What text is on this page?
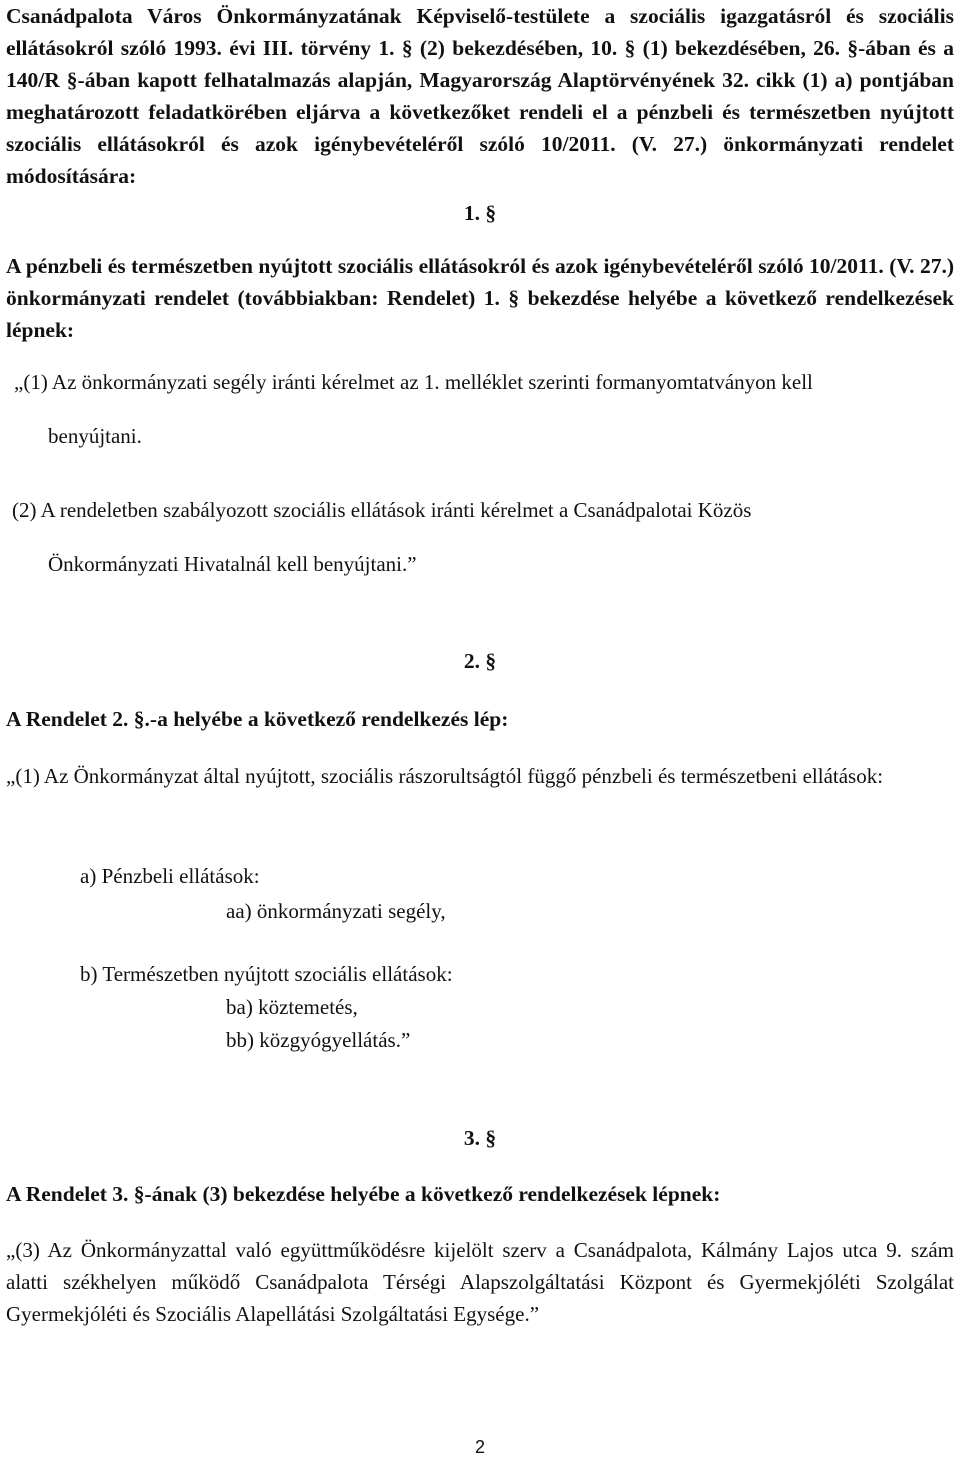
Csanádpalota Város Önkormányzatának Képviselő-testülete a szociális igazgatásról és szociális ellátásokról szóló 1993. évi III. törvény 1. § (2) bekezdésében, 10. § (1) bekezdésében, 26. §-ában és a 140/R §-ában kapott felhatalmazás alapján, Magyarország Alaptörvényének 32. cikk (1) a) pontjában meghatározott feladatkörében eljárva a következőket rendeli el a pénzbeli és természetben nyújtott szociális ellátásokról és azok igénybevételéről szóló 10/2011. (V. 27.) önkormányzati rendelet módosítására:
1. §
A pénzbeli és természetben nyújtott szociális ellátásokról és azok igénybevételéről szóló 10/2011. (V. 27.) önkormányzati rendelet (továbbiakban: Rendelet) 1. § bekezdése helyébe a következő rendelkezések lépnek:
„(1) Az önkormányzati segély iránti kérelmet az 1. melléklet szerinti formanyomtatványon kell
benyújtani.
(2) A rendeletben szabályozott szociális ellátások iránti kérelmet a Csanádpalotai Közös
Önkormányzati Hivatalnál kell benyújtani.”
2. §
A Rendelet 2. §.-a helyébe a következő rendelkezés lép:
„(1) Az Önkormányzat által nyújtott, szociális rászorultságtól függő pénzbeli és természetbeni ellátások:
a) Pénzbeli ellátások:
aa) önkormányzati segély,
b) Természetben nyújtott szociális ellátások:
ba) köztemetés,
bb) közgyógyellátás.”
3. §
A Rendelet 3. §-ának (3) bekezdése helyébe a következő rendelkezések lépnek:
„(3) Az Önkormányzattal való együttműködésre kijelölt szerv a Csanádpalota, Kálmány Lajos utca 9. szám alatti székhelyen működő Csanádpalota Térségi Alapszolgáltatási Központ és Gyermekjóléti Szolgálat Gyermekjóléti és Szociális Alapellátási Szolgáltatási Egysége.”
2
